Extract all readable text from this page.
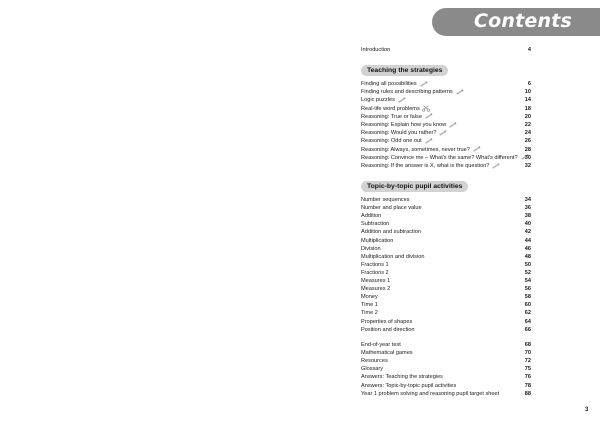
Contents
Introduction	4
Teaching the strategies
Finding all possibilities	6
Finding rules and describing patterns	10
Logic puzzles	14
Real-life word problems	18
Reasoning: True or false	20
Reasoning: Explain how you know	22
Reasoning: Would you rather?	24
Reasoning: Odd one out	26
Reasoning: Always, sometimes, never true?	28
Reasoning: Convince me – What's the same? What's different?	30
Reasoning: If the answer is X, what is the question?	32
Topic-by-topic pupil activities
Number sequences	34
Number and place value	36
Addition	38
Subtraction	40
Addition and subtraction	42
Multiplication	44
Division	46
Multiplication and division	48
Fractions 1	50
Fractions 2	52
Measures 1	54
Measures 2	56
Money	58
Time 1	60
Time 2	62
Properties of shapes	64
Position and direction	66
End-of-year test	68
Mathematical games	70
Resources	72
Glossary	75
Answers: Teaching the strategies	76
Answers: Topic-by-topic pupil activities	78
Year 1 problem solving and reasoning pupil target sheet	88
3
